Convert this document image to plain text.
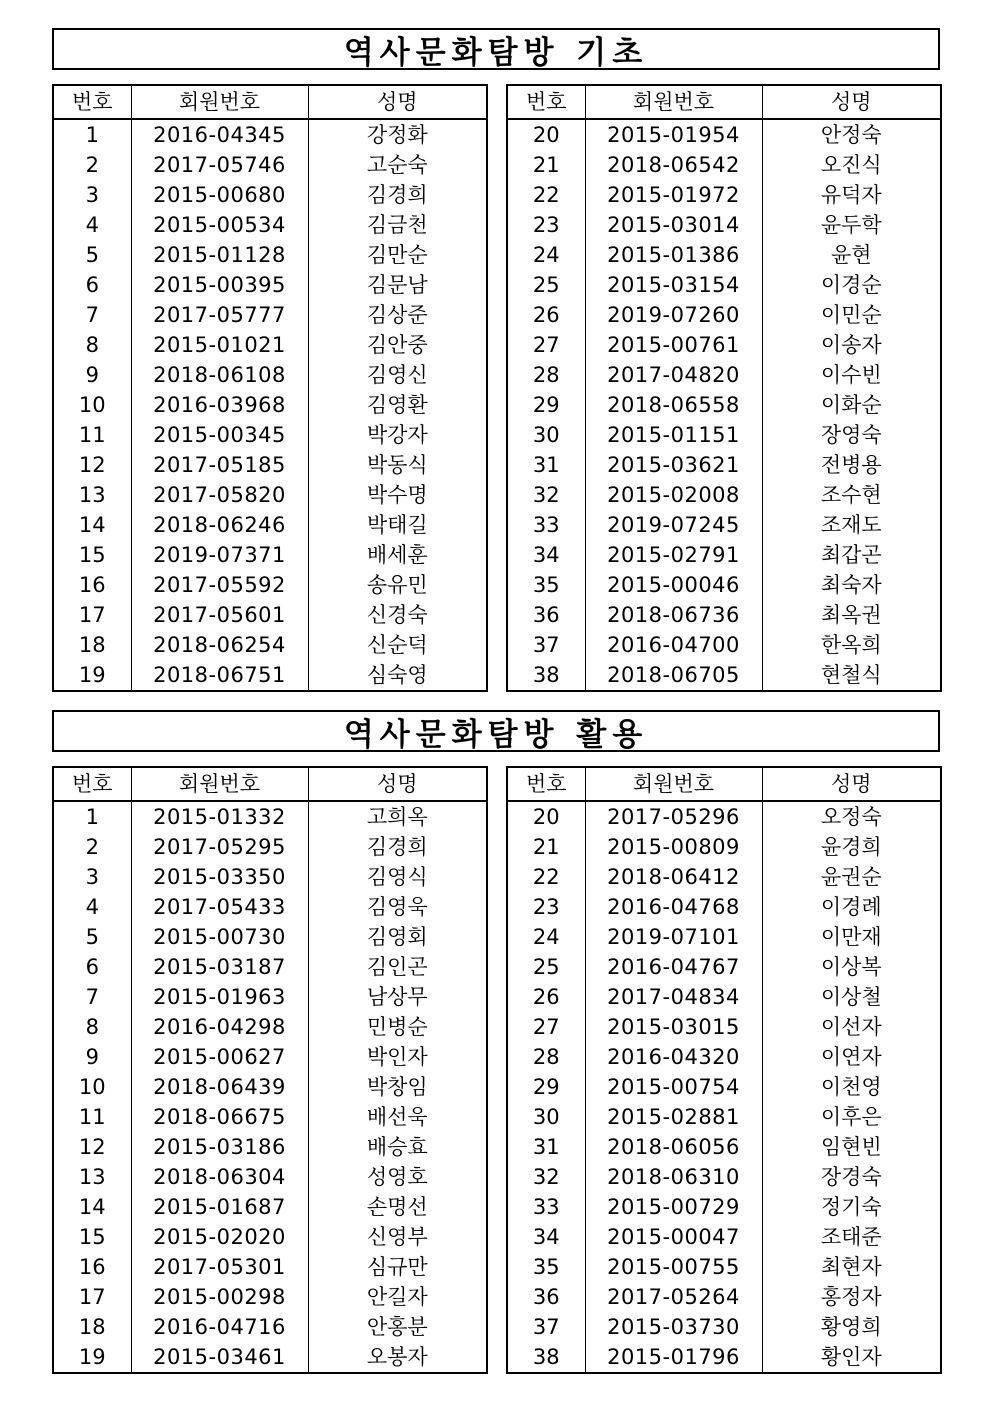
역사문화탐방 기초
번호	회원번호	성명
1	2016-04345	강정화
2	2017-05746	고순숙
3	2015-00680	김경희
4	2015-00534	김금천
5	2015-01128	김만순
6	2015-00395	김문남
7	2017-05777	김상준
8	2015-01021	김안중
9	2018-06108	김영신
10	2016-03968	김영환
11	2015-00345	박강자
12	2017-05185	박동식
13	2017-05820	박수명
14	2018-06246	박태길
15	2019-07371	배세훈
16	2017-05592	송유민
17	2017-05601	신경숙
18	2018-06254	신순덕
19	2018-06751	심숙영
번호	회원번호	성명
20	2015-01954	안정숙
21	2018-06542	오진식
22	2015-01972	유덕자
23	2015-03014	윤두학
24	2015-01386	윤현
25	2015-03154	이경순
26	2019-07260	이민순
27	2015-00761	이송자
28	2017-04820	이수빈
29	2018-06558	이화순
30	2015-01151	장영숙
31	2015-03621	전병용
32	2015-02008	조수현
33	2019-07245	조재도
34	2015-02791	최갑곤
35	2015-00046	최숙자
36	2018-06736	최옥권
37	2016-04700	한옥희
38	2018-06705	현철식
역사문화탐방 활용
번호	회원번호	성명
1	2015-01332	고희옥
2	2017-05295	김경희
3	2015-03350	김영식
4	2017-05433	김영욱
5	2015-00730	김영회
6	2015-03187	김인곤
7	2015-01963	남상무
8	2016-04298	민병순
9	2015-00627	박인자
10	2018-06439	박창임
11	2018-06675	배선욱
12	2015-03186	배승효
13	2018-06304	성영호
14	2015-01687	손명선
15	2015-02020	신영부
16	2017-05301	심규만
17	2015-00298	안길자
18	2016-04716	안홍분
19	2015-03461	오봉자
번호	회원번호	성명
20	2017-05296	오정숙
21	2015-00809	윤경희
22	2018-06412	윤권순
23	2016-04768	이경례
24	2019-07101	이만재
25	2016-04767	이상복
26	2017-04834	이상철
27	2015-03015	이선자
28	2016-04320	이연자
29	2015-00754	이천영
30	2015-02881	이후은
31	2018-06056	임현빈
32	2018-06310	장경숙
33	2015-00729	정기숙
34	2015-00047	조태준
35	2015-00755	최현자
36	2017-05264	홍정자
37	2015-03730	황영희
38	2015-01796	황인자
